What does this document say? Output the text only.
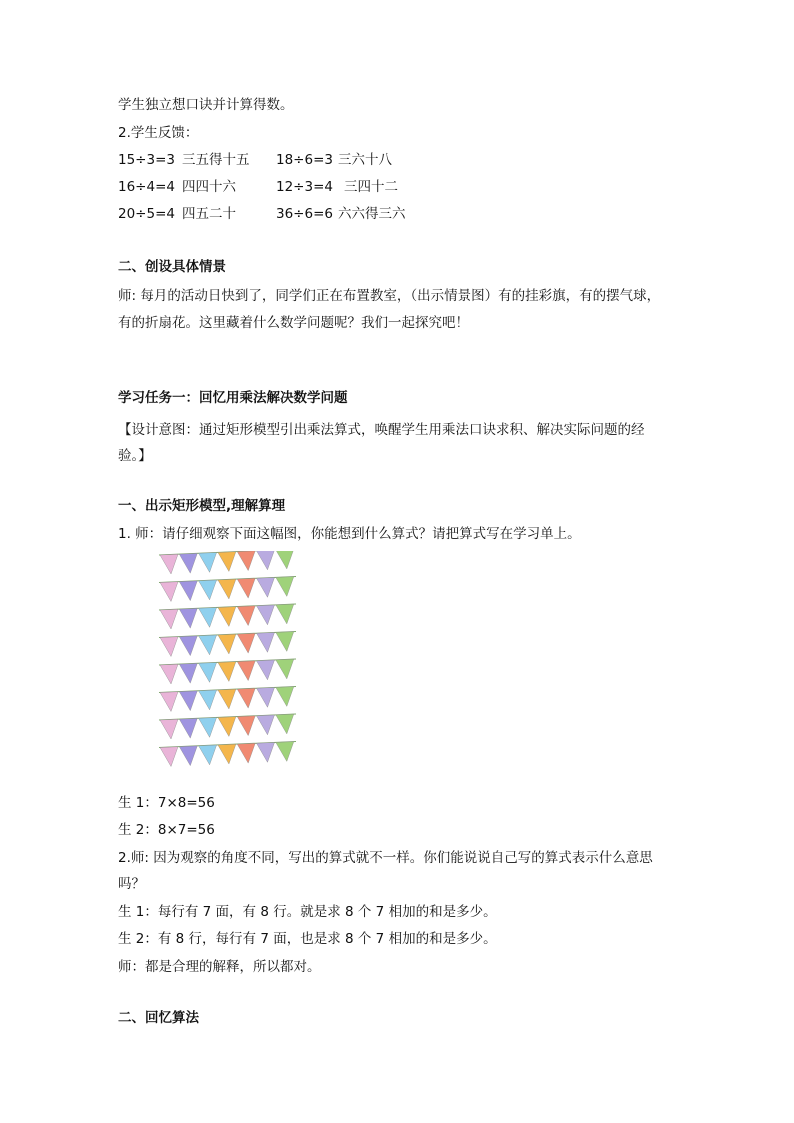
学生独立想口诀并计算得数。
2.学生反馈：
15÷3=3 三五得十五 18÷6=3 三六十八
16÷4=4 四四十六	12÷3=4 三四十二
20÷5=4 四五二十	36÷6=6 六六得三六
二、创设具体情景
师: 每月的活动日快到了，同学们正在布置教室，（出示情景图）有的挂彩旗，有的摆气球，
有的折扇花。这里藏着什么数学问题呢？我们一起探究吧！
学习任务一：回忆用乘法解决数学问题
【设计意图：通过矩形模型引出乘法算式，唤醒学生用乘法口诀求积、解决实际问题的经
验。】
一、出示矩形模型,理解算理
1. 师：请仔细观察下面这幅图，你能想到什么算式？请把算式写在学习单上。
生 1：7×8=56
生 2：8×7=56
2.师: 因为观察的角度不同，写出的算式就不一样。你们能说说自己写的算式表示什么意思
吗？
生 1：每行有 7 面，有 8 行。就是求 8 个 7 相加的和是多少。
生 2：有 8 行，每行有 7 面，也是求 8 个 7 相加的和是多少。
师：都是合理的解释，所以都对。
二、回忆算法
